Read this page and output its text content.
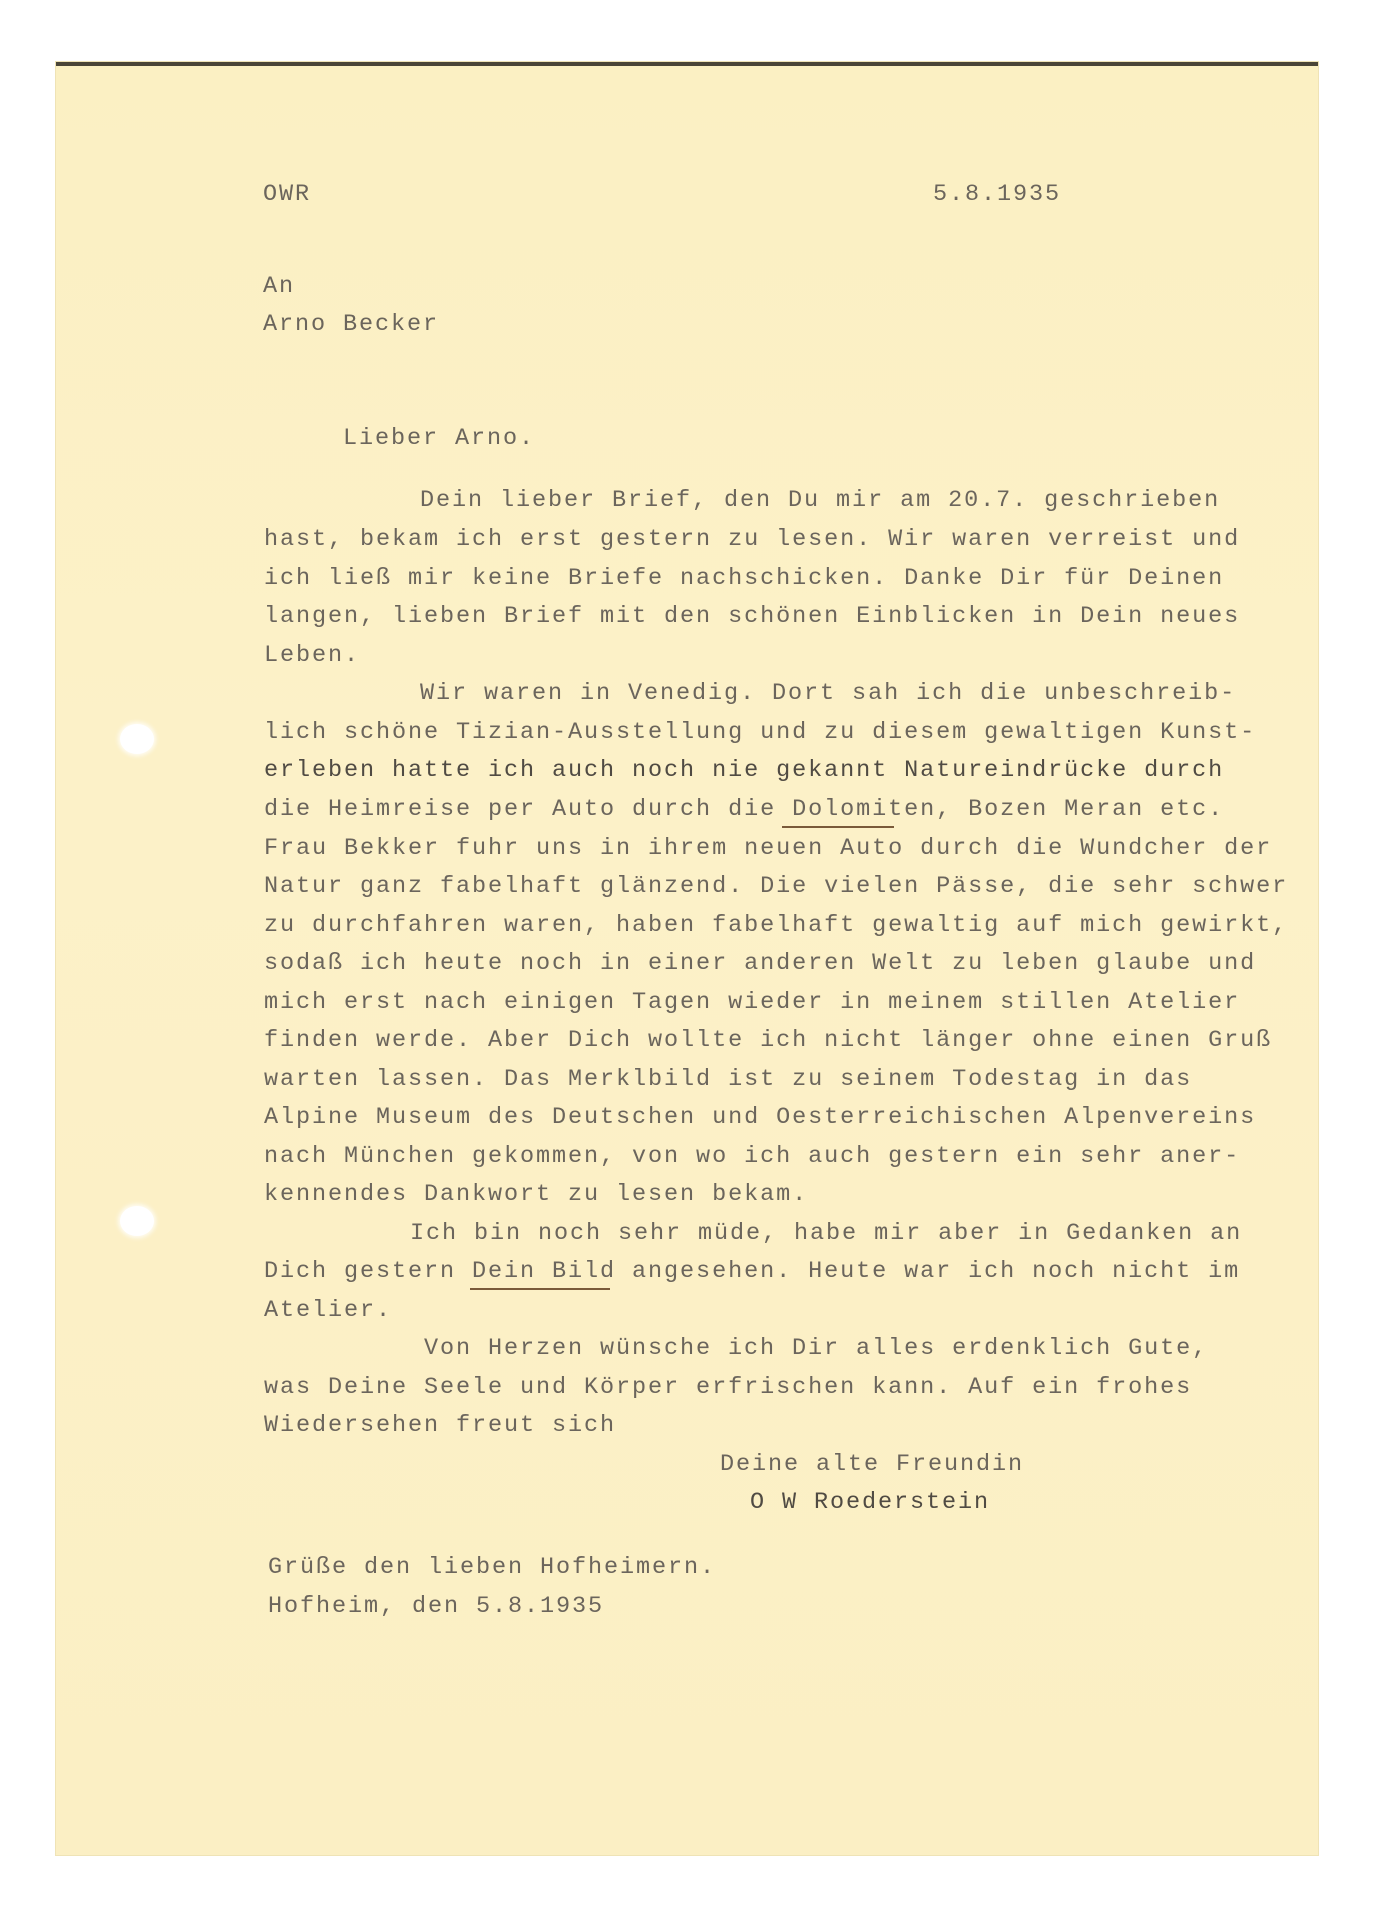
OWR	5.8.1935
An
Arno Becker
Lieber Arno.
Dein lieber Brief, den Du mir am 20.7. geschrieben
hast, bekam ich erst gestern zu lesen. Wir waren verreist und
ich ließ mir keine Briefe nachschicken. Danke Dir für Deinen
langen, lieben Brief mit den schönen Einblicken in Dein neues
Leben.
Wir waren in Venedig. Dort sah ich die unbeschreib-
lich schöne Tizian-Ausstellung und zu diesem gewaltigen Kunst-
erleben hatte ich auch noch nie gekannt Natureindrücke durch
die Heimreise per Auto durch die Dolomiten, Bozen Meran etc.
Frau Bekker fuhr uns in ihrem neuen Auto durch die Wundcher der
Natur ganz fabelhaft glänzend. Die vielen Pässe, die sehr schwer
zu durchfahren waren, haben fabelhaft gewaltig auf mich gewirkt,
sodaß ich heute noch in einer anderen Welt zu leben glaube und
mich erst nach einigen Tagen wieder in meinem stillen Atelier
finden werde. Aber Dich wollte ich nicht länger ohne einen Gruß
warten lassen. Das Merklbild ist zu seinem Todestag in das
Alpine Museum des Deutschen und Oesterreichischen Alpenvereins
nach München gekommen, von wo ich auch gestern ein sehr aner-
kennendes Dankwort zu lesen bekam.
Ich bin noch sehr müde, habe mir aber in Gedanken an
Dich gestern Dein Bild angesehen. Heute war ich noch nicht im
Atelier.
Von Herzen wünsche ich Dir alles erdenklich Gute,
was Deine Seele und Körper erfrischen kann. Auf ein frohes
Wiedersehen freut sich
Deine alte Freundin
O W Roederstein
Grüße den lieben Hofheimern.
Hofheim, den 5.8.1935
